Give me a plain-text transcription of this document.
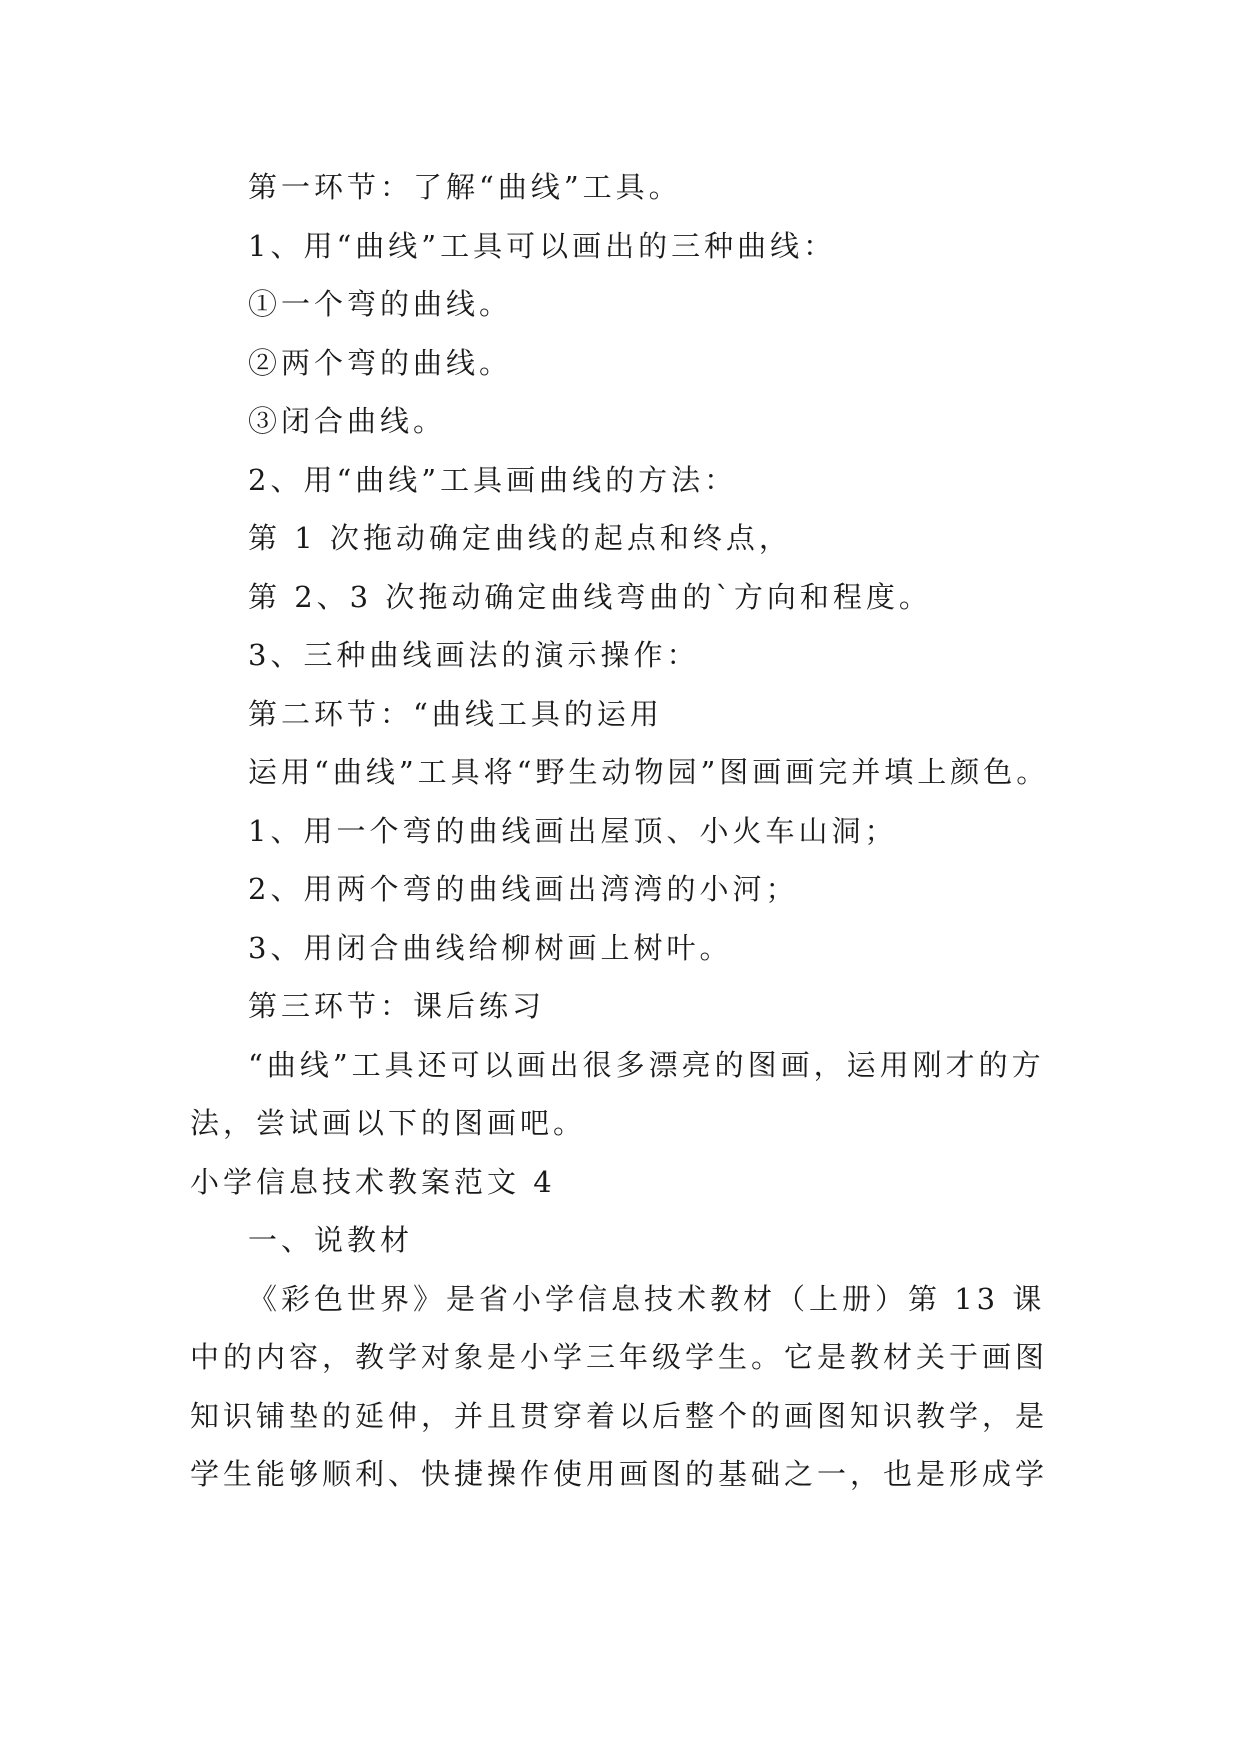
第一环节：了解“曲线”工具。

1、用“曲线”工具可以画出的三种曲线：

①一个弯的曲线。

②两个弯的曲线。

③闭合曲线。

2、用“曲线”工具画曲线的方法：

第 1 次拖动确定曲线的起点和终点，

第 2、3 次拖动确定曲线弯曲的`方向和程度。

3、三种曲线画法的演示操作：

第二环节：“曲线工具的运用

运用“曲线”工具将“野生动物园”图画画完并填上颜色。

1、用一个弯的曲线画出屋顶、小火车山洞；

2、用两个弯的曲线画出湾湾的小河；

3、用闭合曲线给柳树画上树叶。

第三环节：课后练习

“曲线”工具还可以画出很多漂亮的图画，运用刚才的方法，尝试画以下的图画吧。

小学信息技术教案范文 4

一、说教材

《彩色世界》是省小学信息技术教材（上册）第 13 课中的内容，教学对象是小学三年级学生。它是教材关于画图知识铺垫的延伸，并且贯穿着以后整个的画图知识教学，是学生能够顺利、快捷操作使用画图的基础之一，也是形成学
